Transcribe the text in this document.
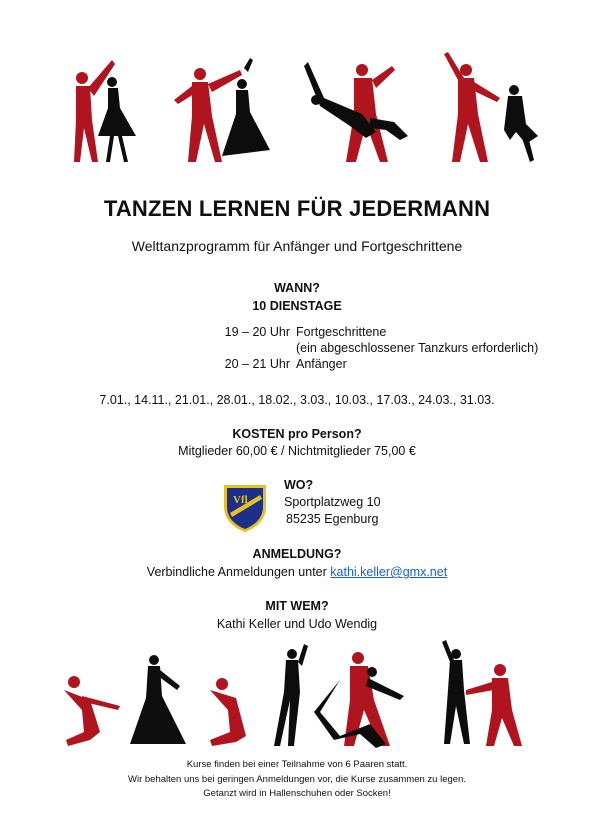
TANZEN LERNEN FÜR JEDERMANN
Welttanzprogramm für Anfänger und Fortgeschrittene
WANN?
10 DIENSTAGE
19 – 20 Uhr Fortgeschrittene
(ein abgeschlossener Tanzkurs erforderlich)
20 – 21 Uhr Anfänger
7.01., 14.11., 21.01., 28.01., 18.02., 3.03., 10.03., 17.03., 24.03., 31.03.
KOSTEN pro Person?
Mitglieder 60,00 € / Nichtmitglieder 75,00 €
Vfl
WO?
Sportplatzweg 10
85235 Egenburg
ANMELDUNG?
Verbindliche Anmeldungen unter kathi.keller@gmx.net
MIT WEM?
Kathi Keller und Udo Wendig
Kurse finden bei einer Teilnahme von 6 Paaren statt.
Wir behalten uns bei geringen Anmeldungen vor, die Kurse zusammen zu legen.
Getanzt wird in Hallenschuhen oder Socken!
